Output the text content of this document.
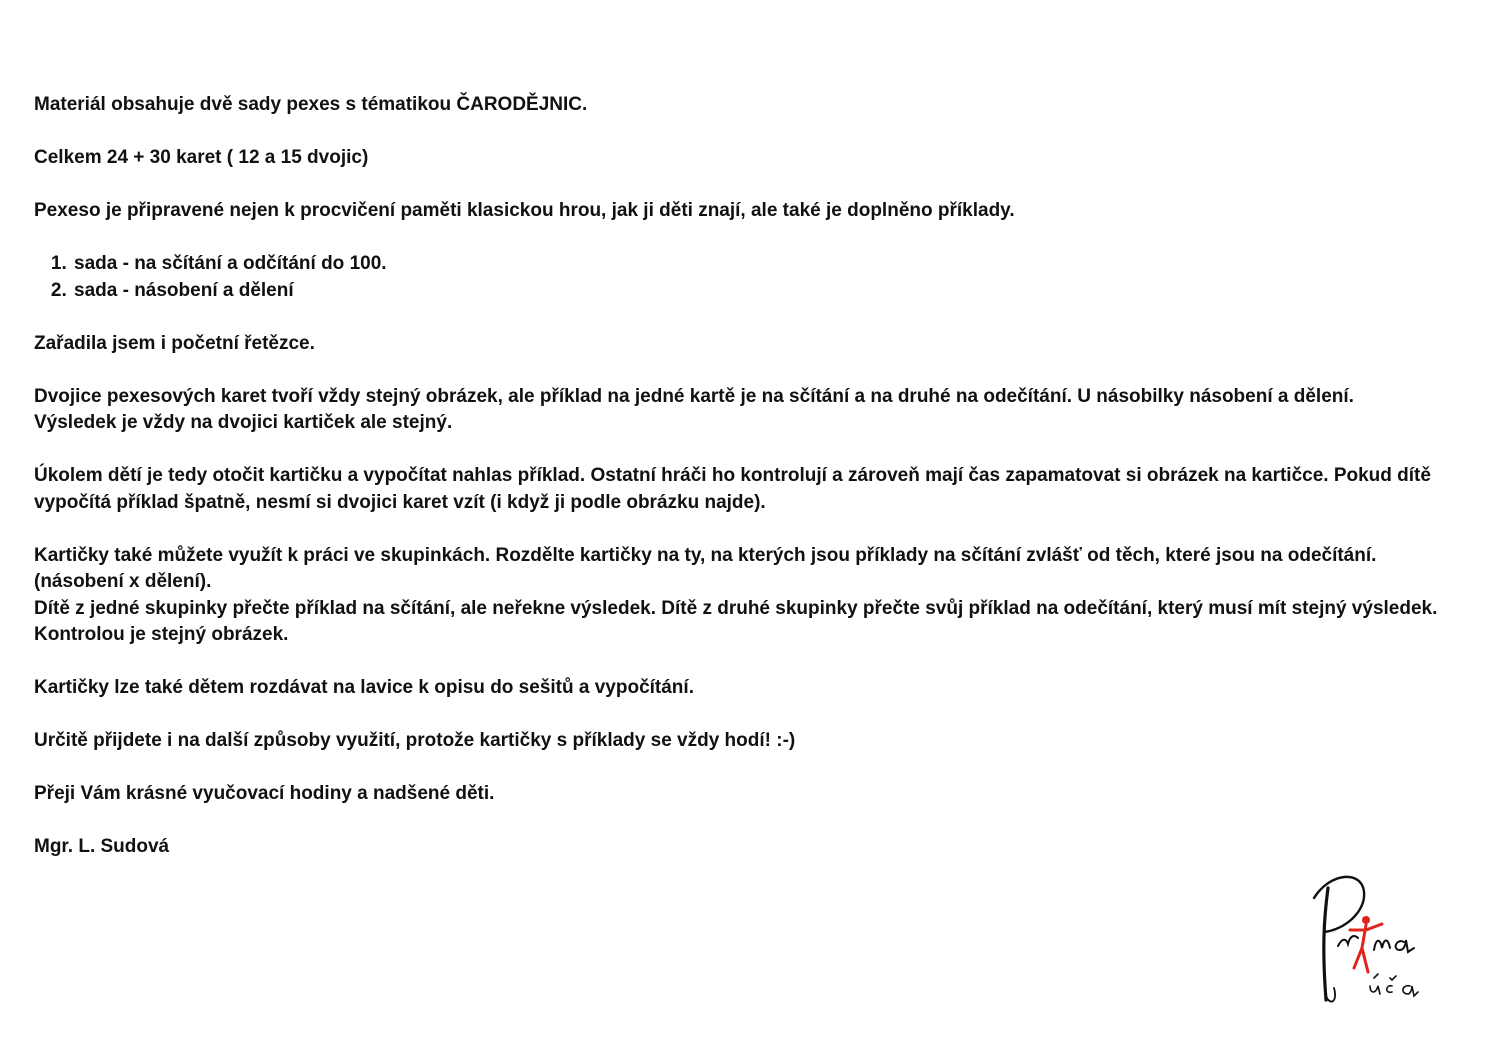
Materiál obsahuje dvě sady pexes s tématikou ČARODĚJNIC.

Celkem 24 + 30 karet ( 12 a 15 dvojic)

Pexeso je připravené nejen k procvičení paměti klasickou hrou, jak ji děti znají, ale také je doplněno příklady.

1. sada - na sčítání a odčítání do 100.
2. sada - násobení a dělení

Zařadila jsem i početní řetězce.

Dvojice pexesových karet tvoří vždy stejný obrázek, ale příklad na jedné kartě je na sčítání a na druhé na odečítání. U násobilky násobení a dělení.
Výsledek je vždy na dvojici kartiček ale stejný.

Úkolem dětí je tedy otočit kartičku a vypočítat nahlas příklad. Ostatní hráči ho kontrolují a zároveň mají čas zapamatovat si obrázek na kartičce. Pokud dítě vypočítá příklad špatně, nesmí si dvojici karet vzít (i když ji podle obrázku najde).

Kartičky také můžete využít k práci ve skupinkách. Rozdělte kartičky na ty, na kterých jsou příklady na sčítání zvlášť od těch, které jsou na odečítání. (násobení x dělení).
Dítě z jedné skupinky přečte příklad na sčítání, ale neřekne výsledek. Dítě z druhé skupinky přečte svůj příklad na odečítání, který musí mít stejný výsledek.
Kontrolou je stejný obrázek.

Kartičky lze také dětem rozdávat na lavice k opisu do sešitů a vypočítání.

Určitě přijdete i na další způsoby využití, protože kartičky s příklady se vždy hodí! :-)

Přeji Vám krásné vyučovací hodiny a nadšené děti.

Mgr. L. Sudová
